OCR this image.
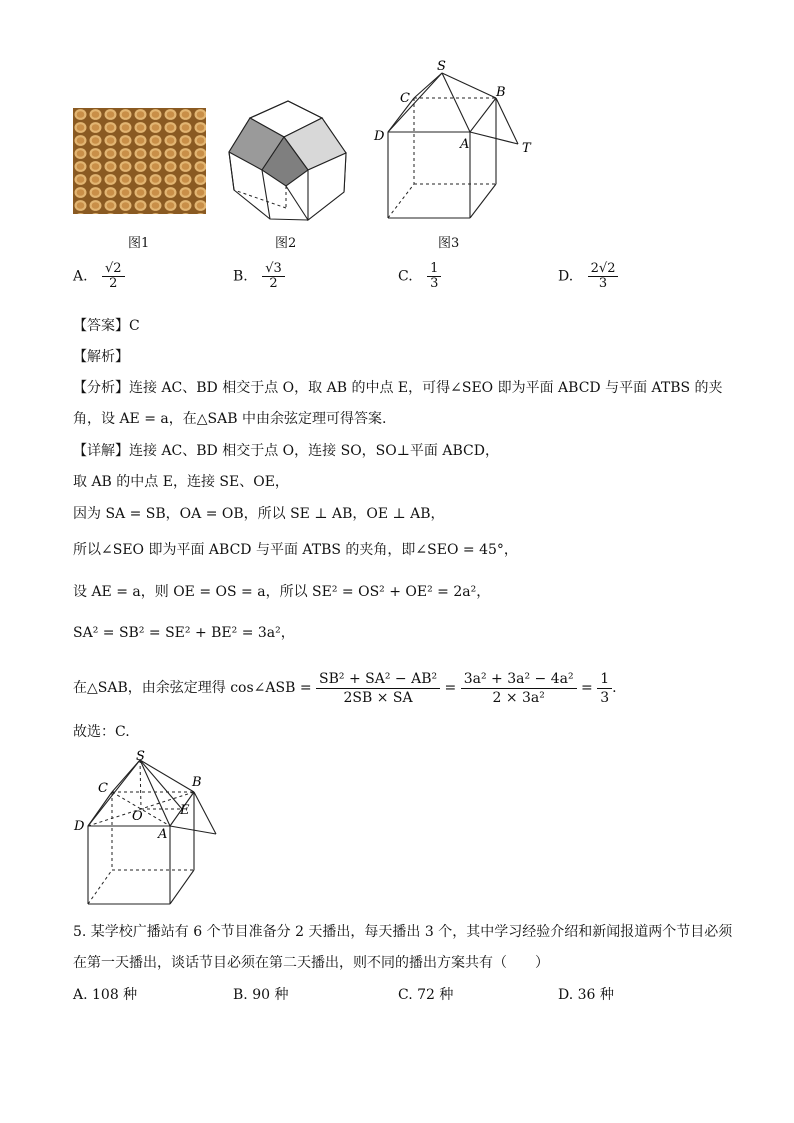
图1	图2
S
C	B
D
A	T
图3
A. $\frac{√2}{2}$	B. $\frac{√3}{2}$	C. $\frac{1}{3}$	D. $\frac{2√2}{3}$
【答案】C
【解析】
【分析】连接 AC、BD 相交于点 O，取 AB 的中点 E，可得∠SEO 即为平面 ABCD 与平面 ATBS 的夹
角，设 AE = a，在△SAB 中由余弦定理可得答案.
【详解】连接 AC、BD 相交于点 O，连接 SO，SO⊥平面 ABCD，
取 AB 的中点 E，连接 SE、OE，
因为 SA = SB，OA = OB，所以 SE ⊥ AB，OE ⊥ AB，
所以∠SEO 即为平面 ABCD 与平面 ATBS 的夹角，即∠SEO = 45°，
设 AE = a，则 OE = OS = a，所以 SE² = OS² + OE² = 2a²，
SA² = SB² = SE² + BE² = 3a²，
在△SAB，由余弦定理得 cos∠ASB = $\frac{\text{SB² + SA² − AB²}}{2SB \times SA} = \frac{\text{3a² + 3a² − 4a²}}{\text{2 × 3a²}} = \frac{1}{3}$ .
故选：C.
S
C	B
D
A
O	E
5. 某学校广播站有 6 个节目准备分 2 天播出，每天播出 3 个，其中学习经验介绍和新闻报道两个节目必须
在第一天播出，谈话节目必须在第二天播出，则不同的播出方案共有（　　）
A. 108 种	B. 90 种	C. 72 种	D. 36 种
